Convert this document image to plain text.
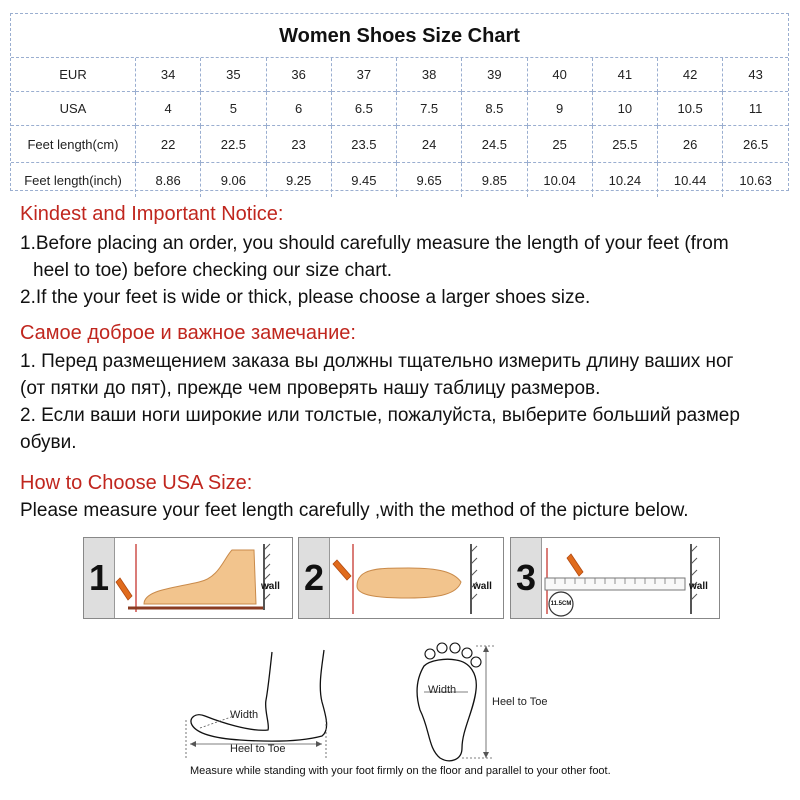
Women Shoes Size Chart
EUR	34	35	36	37	38	39	40	41	42	43
USA	4	5	6	6.5	7.5	8.5	9	10	10.5	11
Feet length(cm)	22	22.5	23	23.5	24	24.5	25	25.5	26	26.5
Feet length(inch)	8.86	9.06	9.25	9.45	9.65	9.85	10.04	10.24	10.44	10.63
Kindest and Important Notice:
1.Before placing an order, you should carefully measure the length of your feet (from
heel to toe) before checking our size chart.
2.If the your feet is wide or thick, please choose a larger shoes size.
Самое доброе и важное замечание:
1. Перед размещением заказа вы должны тщательно измерить длину ваших ног
(от пятки до пят), прежде чем проверять нашу таблицу размеров.
2. Если ваши ноги широкие или толстые, пожалуйста, выберите больший размер
обуви.
How to Choose USA Size:
Please measure your feet length carefully ,with the method of the picture below.
1	wall 2	wall 3
11.5CM
wall
Width
Heel to Toe
Width
Heel to Toe
Measure while standing with your foot firmly on the floor and parallel to your other foot.
